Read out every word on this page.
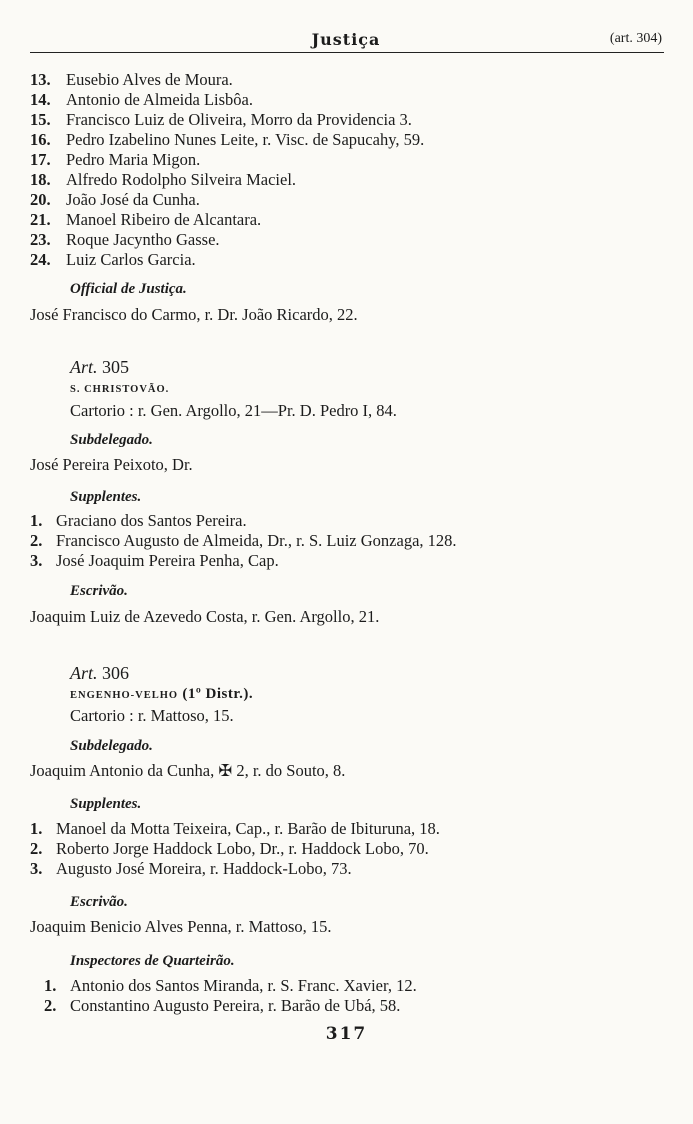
Justiça	(art. 304)
13. Eusebio Alves de Moura.
14. Antonio de Almeida Lisbôa.
15. Francisco Luiz de Oliveira, Morro da Providencia 3.
16. Pedro Izabelino Nunes Leite, r. Visc. de Sapucahy, 59.
17. Pedro Maria Migon.
18. Alfredo Rodolpho Silveira Maciel.
20. João José da Cunha.
21. Manoel Ribeiro de Alcantara.
23. Roque Jacyntho Gasse.
24. Luiz Carlos Garcia.
Official de Justiça.
José Francisco do Carmo, r. Dr. João Ricardo, 22.
Art. 305
S. CHRISTOVÃO.
Cartorio : r. Gen. Argollo, 21—Pr. D. Pedro I, 84.
Subdelegado.
José Pereira Peixoto, Dr.
Supplentes.
1. Graciano dos Santos Pereira.
2. Francisco Augusto de Almeida, Dr., r. S. Luiz Gonzaga, 128.
3. José Joaquim Pereira Penha, Cap.
Escrivão.
Joaquim Luiz de Azevedo Costa, r. Gen. Argollo, 21.
Art. 306
ENGENHO-VELHO (1º Distr.).
Cartorio : r. Mattoso, 15.
Subdelegado.
Joaquim Antonio da Cunha, ✠ 2, r. do Souto, 8.
Supplentes.
1. Manoel da Motta Teixeira, Cap., r. Barão de Ibituruna, 18.
2. Roberto Jorge Haddock Lobo, Dr., r. Haddock Lobo, 70.
3. Augusto José Moreira, r. Haddock-Lobo, 73.
Escrivão.
Joaquim Benicio Alves Penna, r. Mattoso, 15.
Inspectores de Quarteirão.
1. Antonio dos Santos Miranda, r. S. Franc. Xavier, 12.
2. Constantino Augusto Pereira, r. Barão de Ubá, 58.
317
